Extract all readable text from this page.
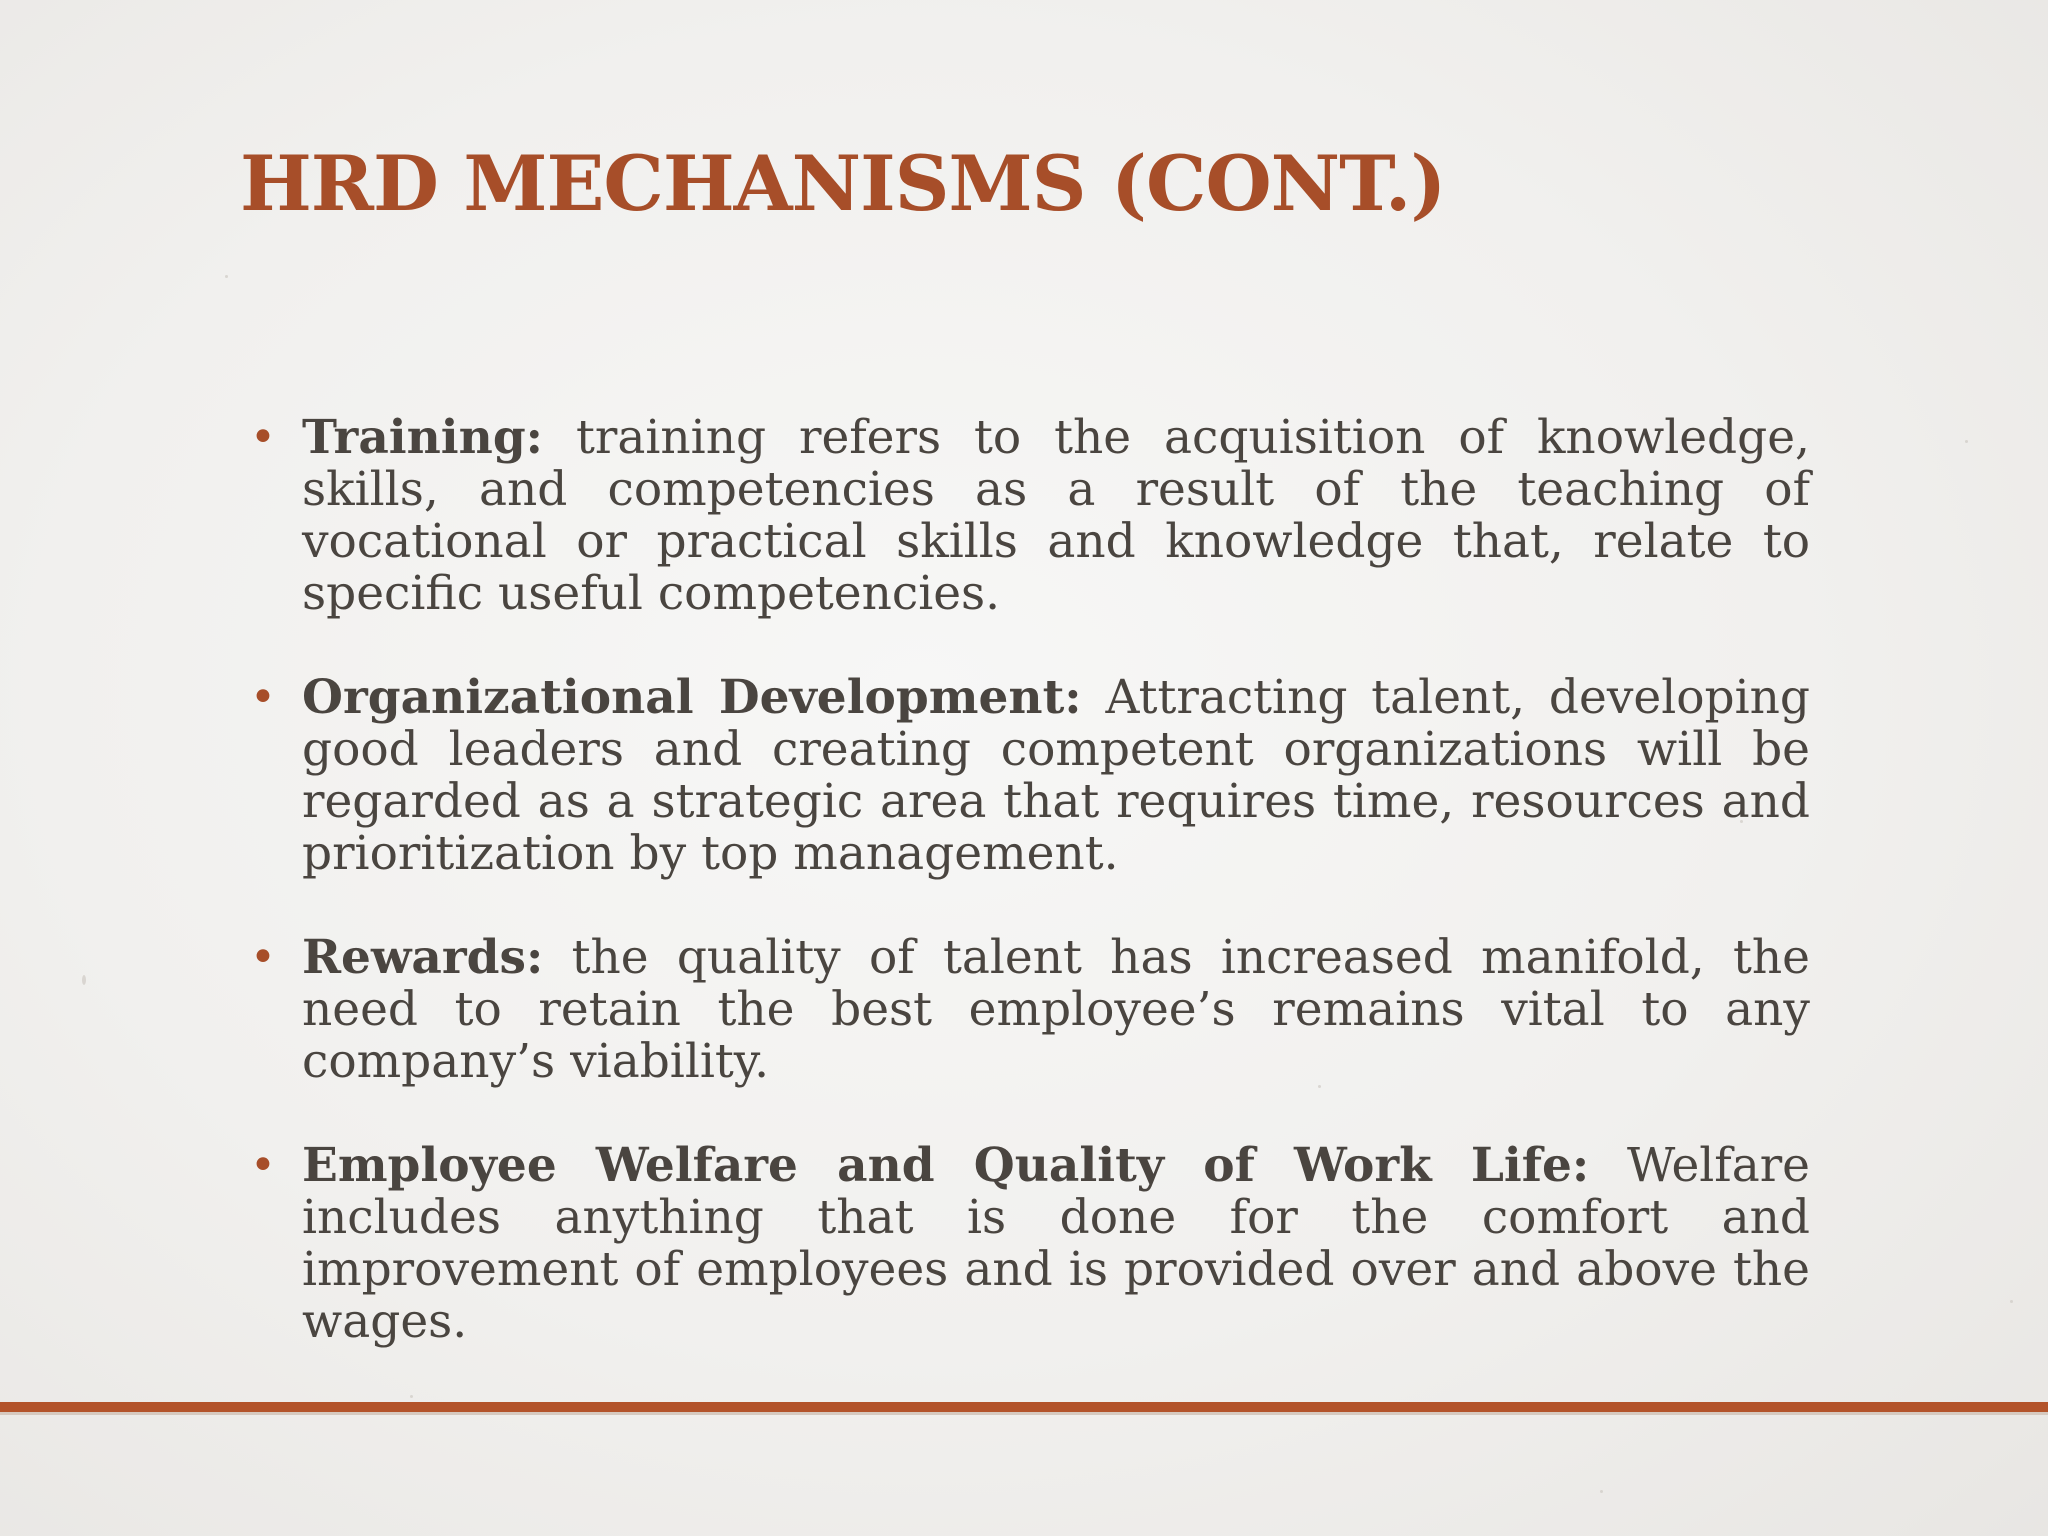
HRD MECHANISMS (CONT.)
• Training: training refers to the acquisition of knowledge, skills, and competencies as a result of the teaching of vocational or practical skills and knowledge that, relate to specific useful competencies.
• Organizational Development: Attracting talent, developing good leaders and creating competent organizations will be regarded as a strategic area that requires time, resources and prioritization by top management.
• Rewards: the quality of talent has increased manifold, the need to retain the best employee’s remains vital to any company’s viability.
• Employee Welfare and Quality of Work Life: Welfare includes anything that is done for the comfort and improvement of employees and is provided over and above the wages.
